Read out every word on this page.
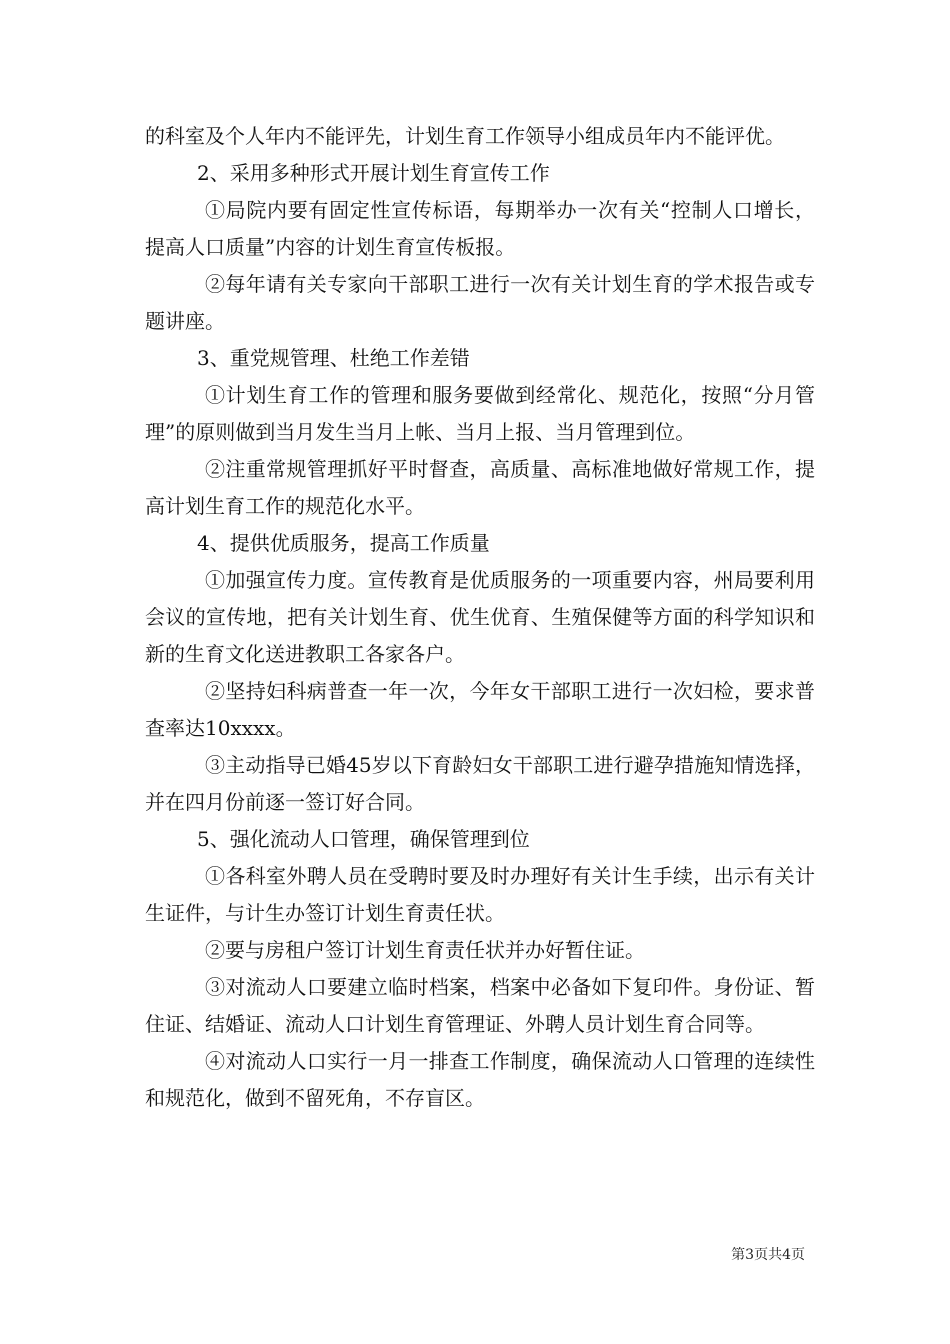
的科室及个人年内不能评先，计划生育工作领导小组成员年内不能评优。

2、采用多种形式开展计划生育宣传工作

①局院内要有固定性宣传标语，每期举办一次有关“控制人口增长，提高人口质量”内容的计划生育宣传板报。

②每年请有关专家向干部职工进行一次有关计划生育的学术报告或专题讲座。

3、重党规管理、杜绝工作差错

①计划生育工作的管理和服务要做到经常化、规范化，按照“分月管理”的原则做到当月发生当月上帐、当月上报、当月管理到位。

②注重常规管理抓好平时督查，高质量、高标准地做好常规工作，提高计划生育工作的规范化水平。

4、提供优质服务，提高工作质量

①加强宣传力度。宣传教育是优质服务的一项重要内容，州局要利用会议的宣传地，把有关计划生育、优生优育、生殖保健等方面的科学知识和新的生育文化送进教职工各家各户。

②坚持妇科病普查一年一次，今年女干部职工进行一次妇检，要求普查率达10xxxx。

③主动指导已婚45岁以下育龄妇女干部职工进行避孕措施知情选择，并在四月份前逐一签订好合同。

5、强化流动人口管理，确保管理到位

①各科室外聘人员在受聘时要及时办理好有关计生手续，出示有关计生证件，与计生办签订计划生育责任状。

②要与房租户签订计划生育责任状并办好暂住证。

③对流动人口要建立临时档案，档案中必备如下复印件。身份证、暂住证、结婚证、流动人口计划生育管理证、外聘人员计划生育合同等。

④对流动人口实行一月一排查工作制度，确保流动人口管理的连续性和规范化，做到不留死角，不存盲区。

第3页共4页
